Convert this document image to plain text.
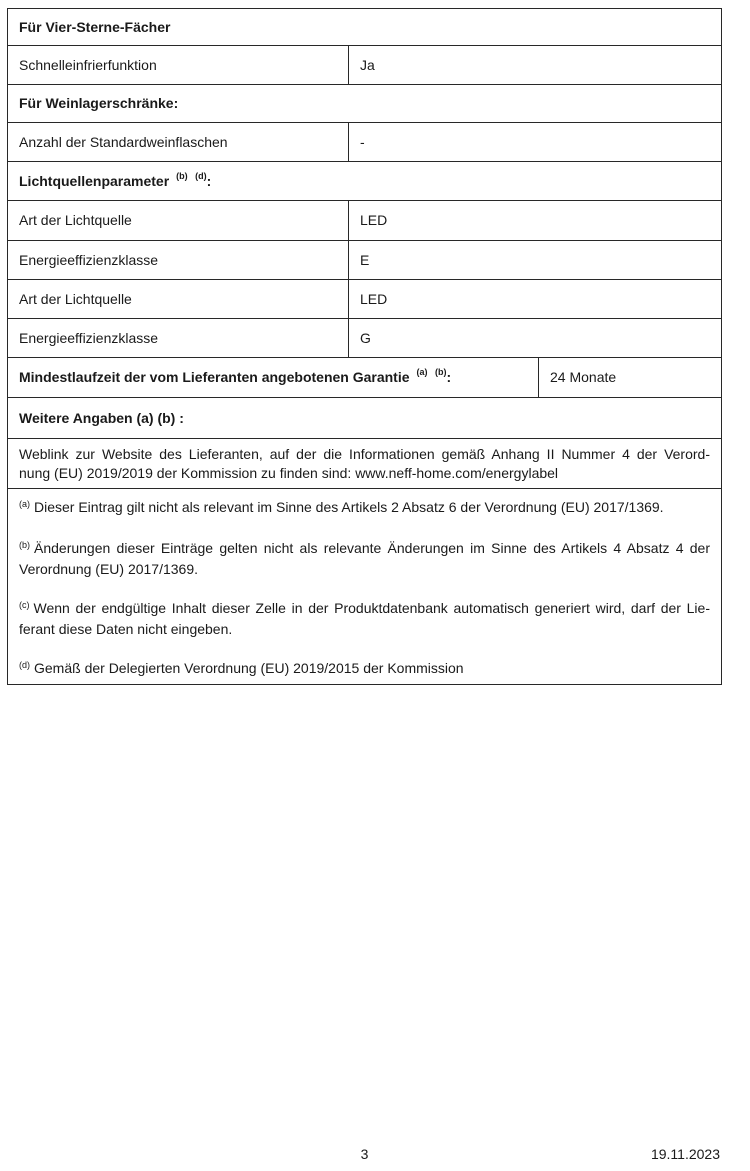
Für Vier-Sterne-Fächer
Schnelleinfrierfunktion	Ja
Für Weinlagerschränke:
Anzahl der Standardweinflaschen	-
Lichtquellenparameter (b) (d) :
Art der Lichtquelle	LED
Energieeffizienzklasse	E
Art der Lichtquelle	LED
Energieeffizienzklasse	G
Mindestlaufzeit der vom Lieferanten angebotenen Garantie (a) (b) :	24 Monate
Weitere Angaben (a) (b) :
Weblink zur Website des Lieferanten, auf der die Informationen gemäß Anhang II Nummer 4 der Verord-
nung (EU) 2019/2019 der Kommission zu finden sind: www.neff-home.com/energylabel
$^{(a)}$ Dieser Eintrag gilt nicht als relevant im Sinne des Artikels 2 Absatz 6 der Verordnung (EU) 2017/1369.
$^{(b)}$ Änderungen dieser Einträge gelten nicht als relevante Änderungen im Sinne des Artikels 4 Absatz 4 der
Verordnung (EU) 2017/1369.
$^{(c)}$ Wenn der endgültige Inhalt dieser Zelle in der Produktdatenbank automatisch generiert wird, darf der Lie-
ferant diese Daten nicht eingeben.
$^{(d)}$ Gemäß der Delegierten Verordnung (EU) 2019/2015 der Kommission
3	19.11.2023
